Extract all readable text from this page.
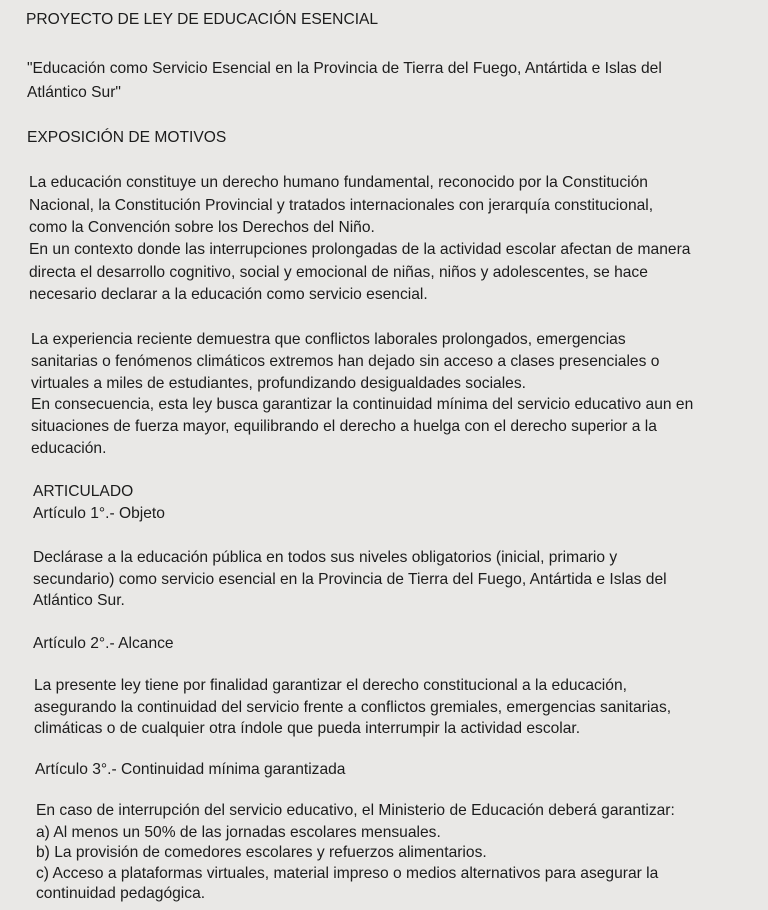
PROYECTO DE LEY DE EDUCACIÓN ESENCIAL
"Educación como Servicio Esencial en la Provincia de Tierra del Fuego, Antártida e Islas del
Atlántico Sur"
EXPOSICIÓN DE MOTIVOS
La educación constituye un derecho humano fundamental, reconocido por la Constitución
Nacional, la Constitución Provincial y tratados internacionales con jerarquía constitucional,
como la Convención sobre los Derechos del Niño.
En un contexto donde las interrupciones prolongadas de la actividad escolar afectan de manera
directa el desarrollo cognitivo, social y emocional de niñas, niños y adolescentes, se hace
necesario declarar a la educación como servicio esencial.
La experiencia reciente demuestra que conflictos laborales prolongados, emergencias
sanitarias o fenómenos climáticos extremos han dejado sin acceso a clases presenciales o
virtuales a miles de estudiantes, profundizando desigualdades sociales.
En consecuencia, esta ley busca garantizar la continuidad mínima del servicio educativo aun en
situaciones de fuerza mayor, equilibrando el derecho a huelga con el derecho superior a la
educación.
ARTICULADO
Artículo 1°.- Objeto
Declárase a la educación pública en todos sus niveles obligatorios (inicial, primario y
secundario) como servicio esencial en la Provincia de Tierra del Fuego, Antártida e Islas del
Atlántico Sur.
Artículo 2°.- Alcance
La presente ley tiene por finalidad garantizar el derecho constitucional a la educación,
asegurando la continuidad del servicio frente a conflictos gremiales, emergencias sanitarias,
climáticas o de cualquier otra índole que pueda interrumpir la actividad escolar.
Artículo 3°.- Continuidad mínima garantizada
En caso de interrupción del servicio educativo, el Ministerio de Educación deberá garantizar:
a) Al menos un 50% de las jornadas escolares mensuales.
b) La provisión de comedores escolares y refuerzos alimentarios.
c) Acceso a plataformas virtuales, material impreso o medios alternativos para asegurar la
continuidad pedagógica.
